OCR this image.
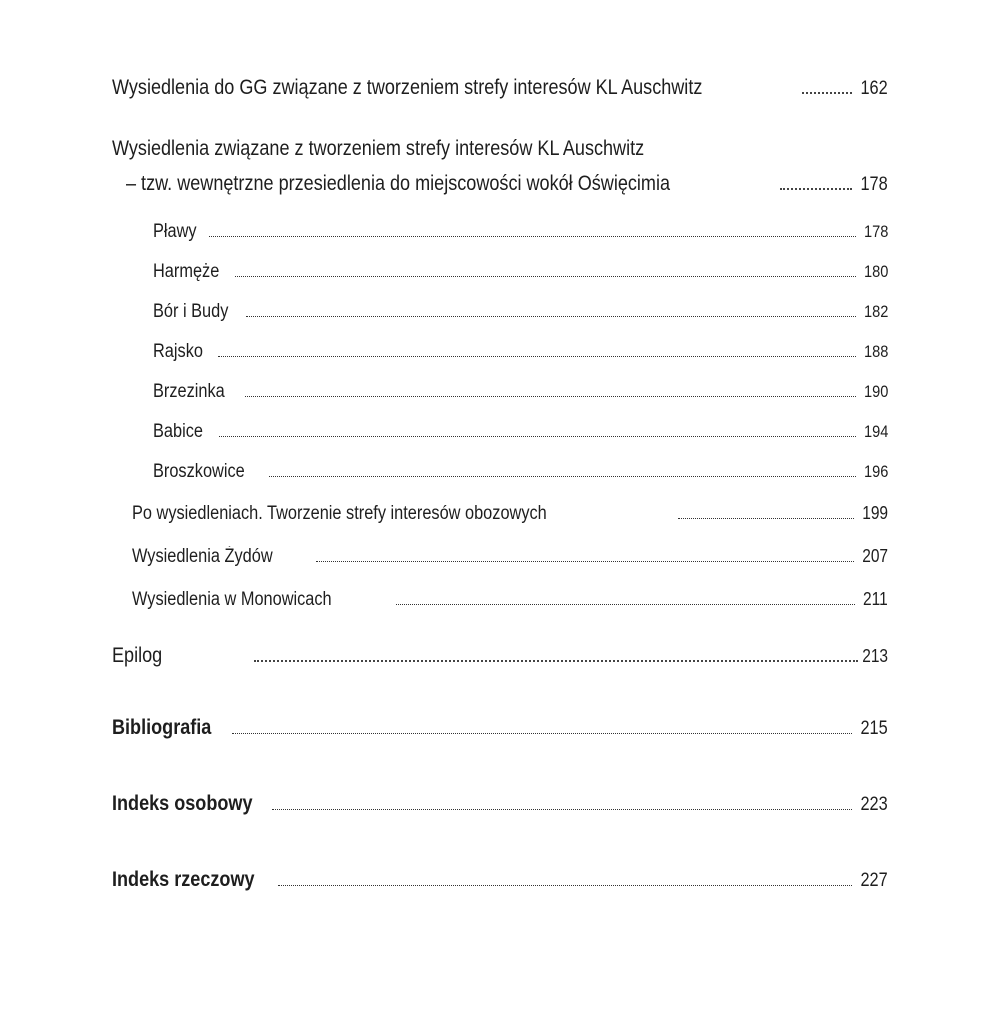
Wysiedlenia do GG związane z tworzeniem strefy interesów KL Auschwitz	162
Wysiedlenia związane z tworzeniem strefy interesów KL Auschwitz
– tzw. wewnętrzne przesiedlenia do miejscowości wokół Oświęcimia	178
Pławy	178
Harmęże	180
Bór i Budy	182
Rajsko	188
Brzezinka	190
Babice	194
Broszkowice	196
Po wysiedleniach. Tworzenie strefy interesów obozowych	199
Wysiedlenia Żydów	207
Wysiedlenia w Monowicach	211
Epilog	213
Bibliografia	215
Indeks osobowy	223
Indeks rzeczowy	227
